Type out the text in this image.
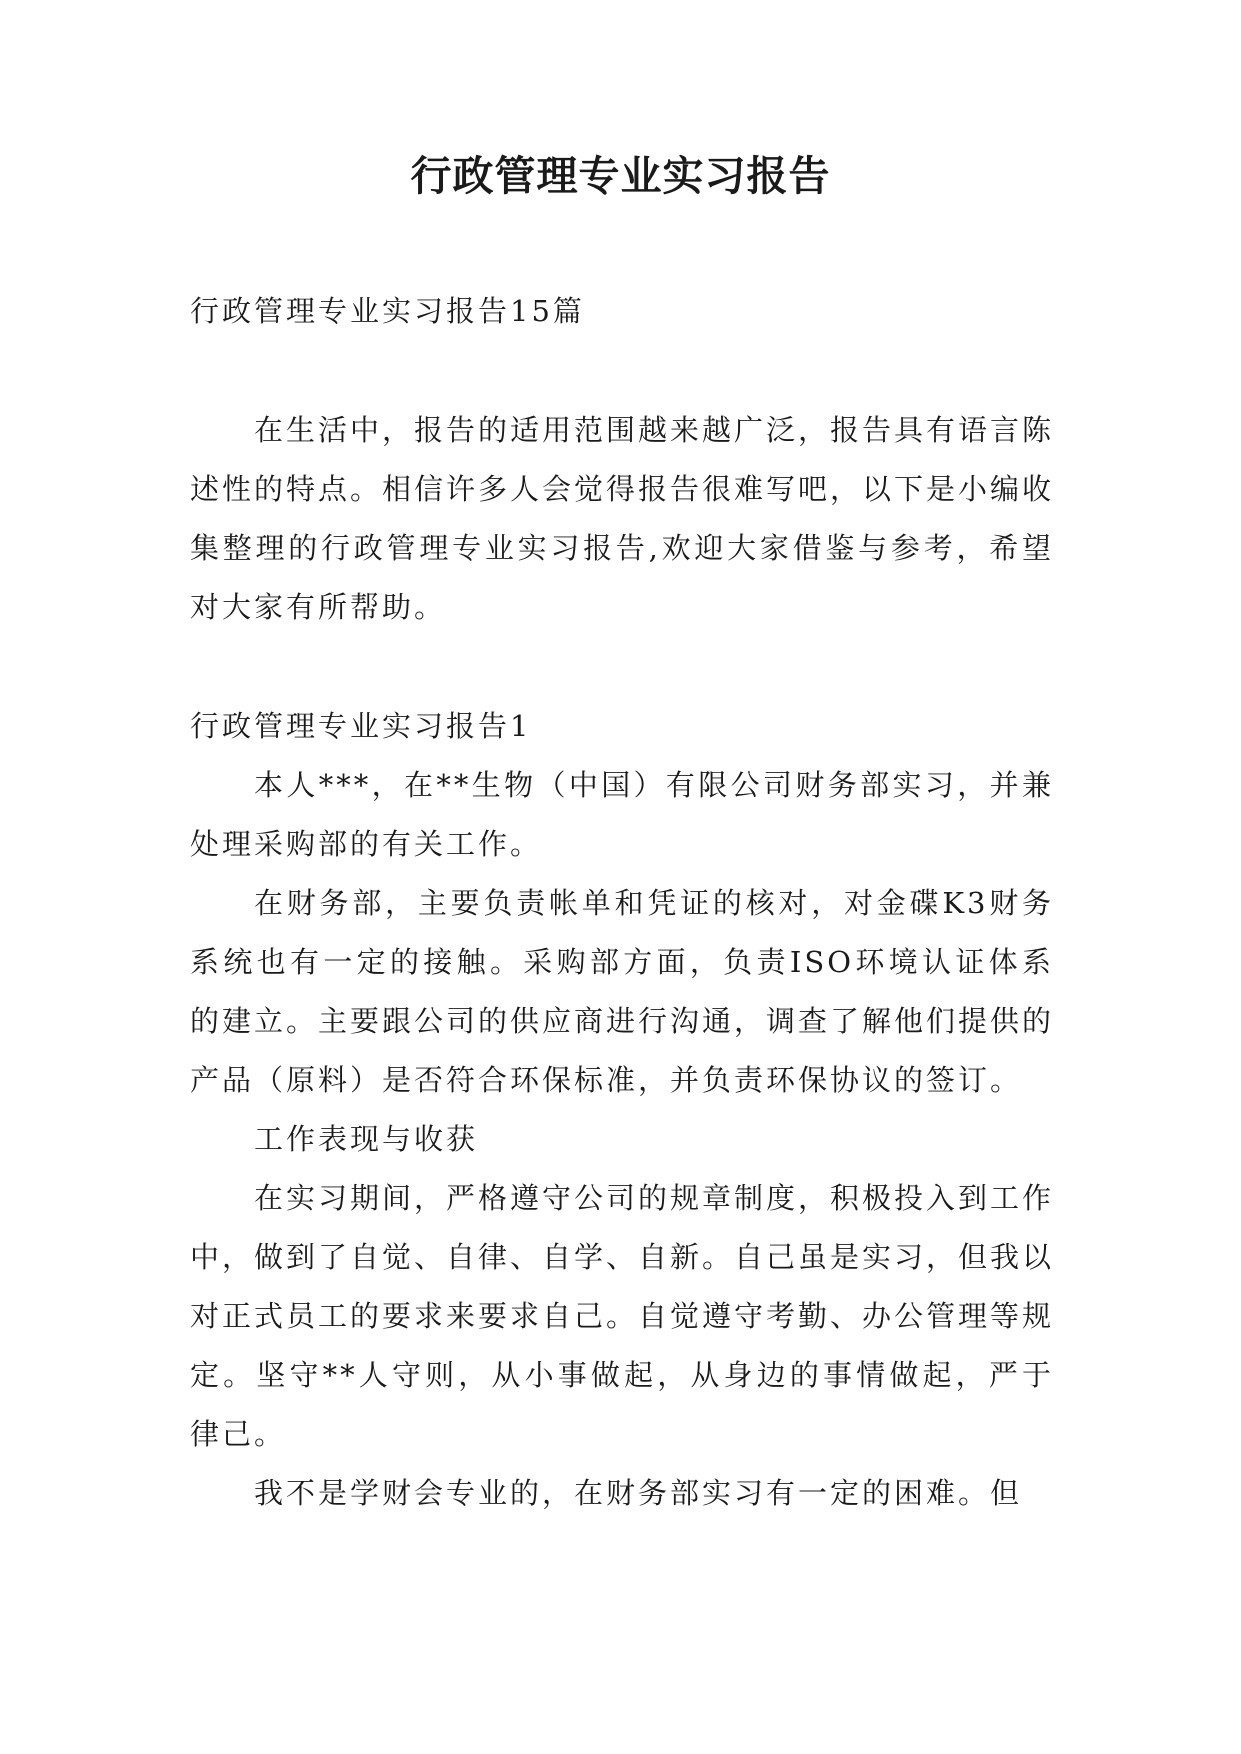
行政管理专业实习报告

行政管理专业实习报告15篇

在生活中，报告的适用范围越来越广泛，报告具有语言陈述性的特点。相信许多人会觉得报告很难写吧，以下是小编收集整理的行政管理专业实习报告,欢迎大家借鉴与参考，希望对大家有所帮助。

行政管理专业实习报告1

本人***，在**生物（中国）有限公司财务部实习，并兼处理采购部的有关工作。

在财务部，主要负责帐单和凭证的核对，对金碟K3财务系统也有一定的接触。采购部方面，负责ISO环境认证体系的建立。主要跟公司的供应商进行沟通，调查了解他们提供的产品（原料）是否符合环保标准，并负责环保协议的签订。

工作表现与收获

在实习期间，严格遵守公司的规章制度，积极投入到工作中，做到了自觉、自律、自学、自新。自己虽是实习，但我以对正式员工的要求来要求自己。自觉遵守考勤、办公管理等规定。坚守**人守则，从小事做起，从身边的事情做起，严于律己。

我不是学财会专业的，在财务部实习有一定的困难。但
